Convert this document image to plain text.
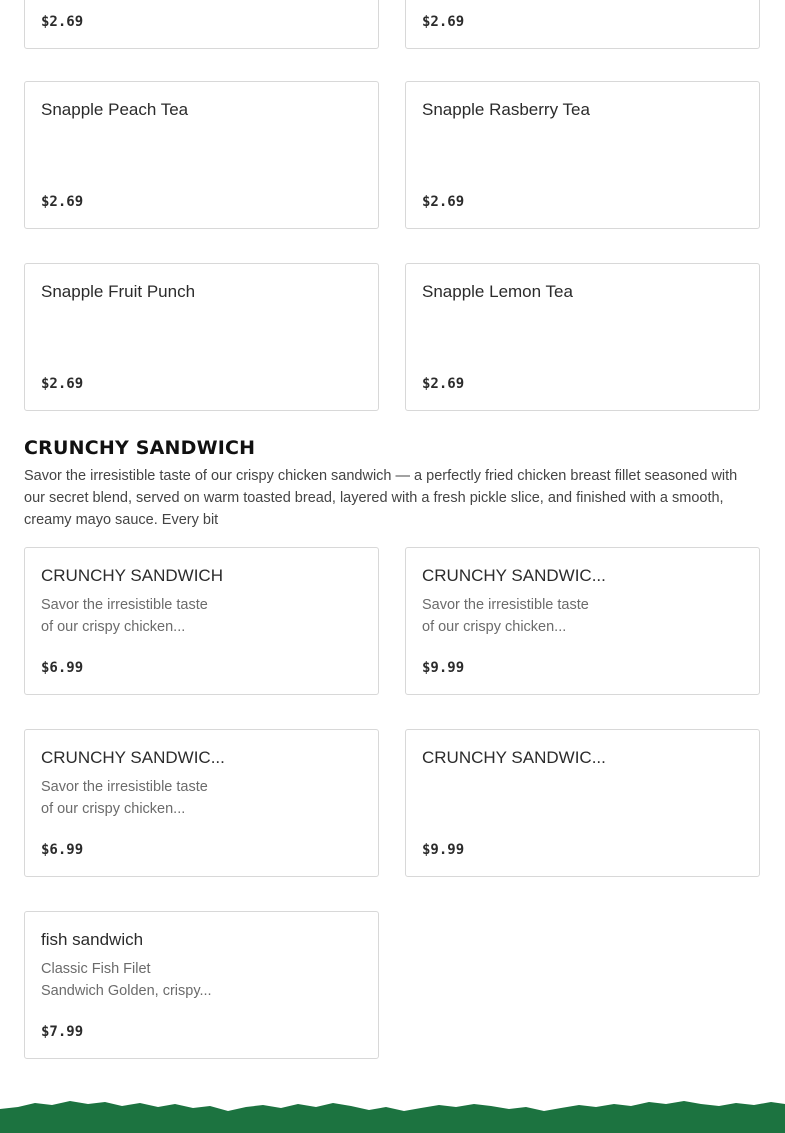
$2.69	$2.69
Snapple Peach Tea
$2.69
Snapple Rasberry Tea
$2.69
Snapple Fruit Punch
$2.69
Snapple Lemon Tea
$2.69
CRUNCHY SANDWICH
Savor the irresistible taste of our crispy chicken sandwich — a perfectly fried chicken breast fillet seasoned with our secret blend, served on warm toasted bread, layered with a fresh pickle slice, and finished with a smooth, creamy mayo sauce. Every bit
CRUNCHY SANDWICH
Savor the irresistible taste
of our crispy chicken...
$6.99
CRUNCHY SANDWIC...
Savor the irresistible taste
of our crispy chicken...
$9.99
CRUNCHY SANDWIC...
Savor the irresistible taste
of our crispy chicken...
$6.99
CRUNCHY SANDWIC...
$9.99
fish sandwich
Classic Fish Filet
Sandwich Golden, crispy...
$7.99
